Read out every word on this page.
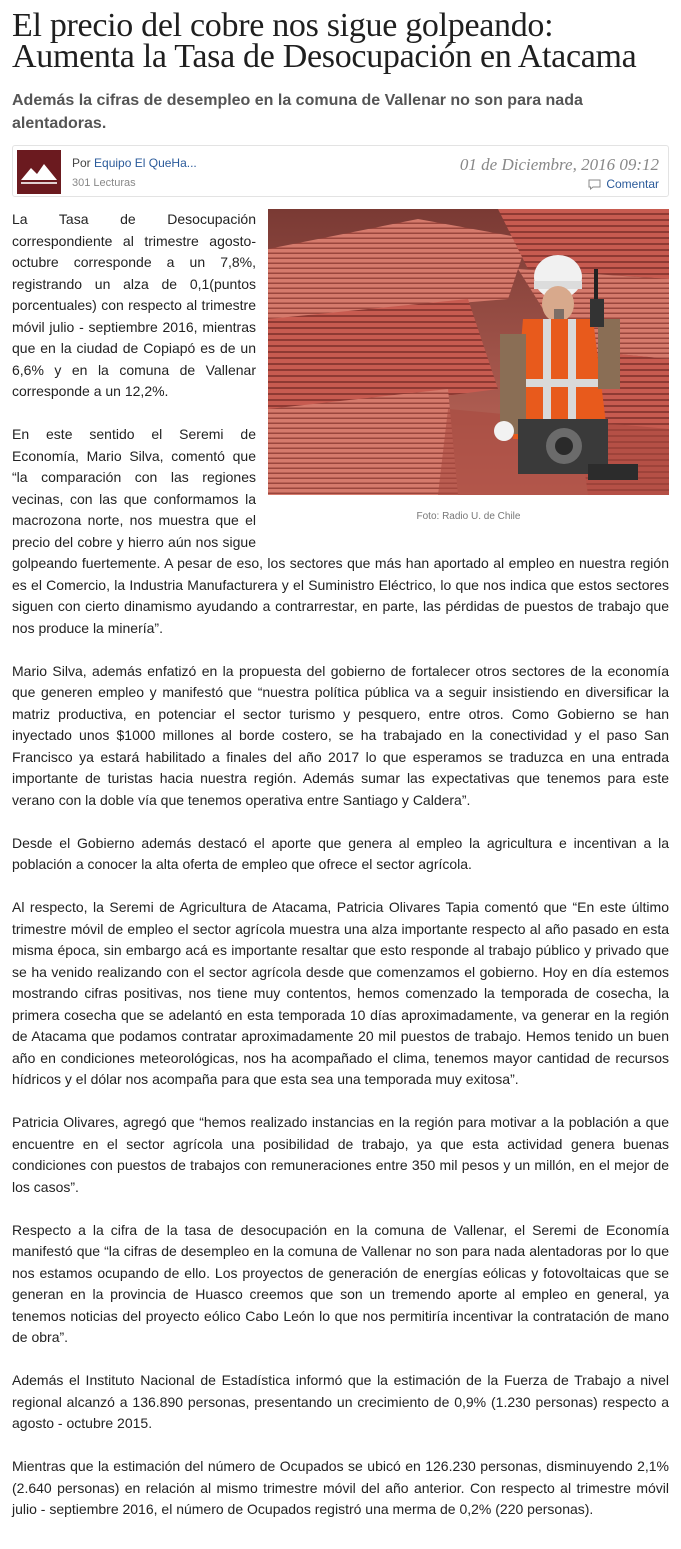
El precio del cobre nos sigue golpeando: Aumenta la Tasa de Desocupación en Atacama
Además la cifras de desempleo en la comuna de Vallenar no son para nada alentadoras.
Por Equipo El QueHa...
301 Lecturas
01 de Diciembre, 2016 09:12
Comentar
Foto: Radio U. de Chile

La Tasa de Desocupación correspondiente al trimestre agosto-octubre corresponde a un 7,8%, registrando un alza de 0,1(puntos porcentuales) con respecto al trimestre móvil julio - septiembre 2016, mientras que en la ciudad de Copiapó es de un 6,6% y en la comuna de Vallenar corresponde a un 12,2%.

En este sentido el Seremi de Economía, Mario Silva, comentó que “la comparación con las regiones vecinas, con las que conformamos la macrozona norte, nos muestra que el precio del cobre y hierro aún nos sigue golpeando fuertemente. A pesar de eso, los sectores que más han aportado al empleo en nuestra región es el Comercio, la Industria Manufacturera y el Suministro Eléctrico, lo que nos indica que estos sectores siguen con cierto dinamismo ayudando a contrarrestar, en parte, las pérdidas de puestos de trabajo que nos produce la minería”.

Mario Silva, además enfatizó en la propuesta del gobierno de fortalecer otros sectores de la economía que generen empleo y manifestó que “nuestra política pública va a seguir insistiendo en diversificar la matriz productiva, en potenciar el sector turismo y pesquero, entre otros. Como Gobierno se han inyectado unos $1000 millones al borde costero, se ha trabajado en la conectividad y el paso San Francisco ya estará habilitado a finales del año 2017 lo que esperamos se traduzca en una entrada importante de turistas hacia nuestra región. Además sumar las expectativas que tenemos para este verano con la doble vía que tenemos operativa entre Santiago y Caldera”.

Desde el Gobierno además destacó el aporte que genera al empleo la agricultura e incentivan a la población a conocer la alta oferta de empleo que ofrece el sector agrícola.

Al respecto, la Seremi de Agricultura de Atacama, Patricia Olivares Tapia comentó que “En este último trimestre móvil de empleo el sector agrícola muestra una alza importante respecto al año pasado en esta misma época, sin embargo acá es importante resaltar que esto responde al trabajo público y privado que se ha venido realizando con el sector agrícola desde que comenzamos el gobierno. Hoy en día estemos mostrando cifras positivas, nos tiene muy contentos, hemos comenzado la temporada de cosecha, la primera cosecha que se adelantó en esta temporada 10 días aproximadamente, va generar en la región de Atacama que podamos contratar aproximadamente 20 mil puestos de trabajo. Hemos tenido un buen año en condiciones meteorológicas, nos ha acompañado el clima, tenemos mayor cantidad de recursos hídricos y el dólar nos acompaña para que esta sea una temporada muy exitosa”.

Patricia Olivares, agregó que “hemos realizado instancias en la región para motivar a la población a que encuentre en el sector agrícola una posibilidad de trabajo, ya que esta actividad genera buenas condiciones con puestos de trabajos con remuneraciones entre 350 mil pesos y un millón, en el mejor de los casos”.

Respecto a la cifra de la tasa de desocupación en la comuna de Vallenar, el Seremi de Economía manifestó que “la cifras de desempleo en la comuna de Vallenar no son para nada alentadoras por lo que nos estamos ocupando de ello. Los proyectos de generación de energías eólicas y fotovoltaicas que se generan en la provincia de Huasco creemos que son un tremendo aporte al empleo en general, ya tenemos noticias del proyecto eólico Cabo León lo que nos permitiría incentivar la contratación de mano de obra”.

Además el Instituto Nacional de Estadística informó que la estimación de la Fuerza de Trabajo a nivel regional alcanzó a 136.890 personas, presentando un crecimiento de 0,9% (1.230 personas) respecto a agosto - octubre 2015.

Mientras que la estimación del número de Ocupados se ubicó en 126.230 personas, disminuyendo 2,1% (2.640 personas) en relación al mismo trimestre móvil del año anterior. Con respecto al trimestre móvil julio - septiembre 2016, el número de Ocupados registró una merma de 0,2% (220 personas).
